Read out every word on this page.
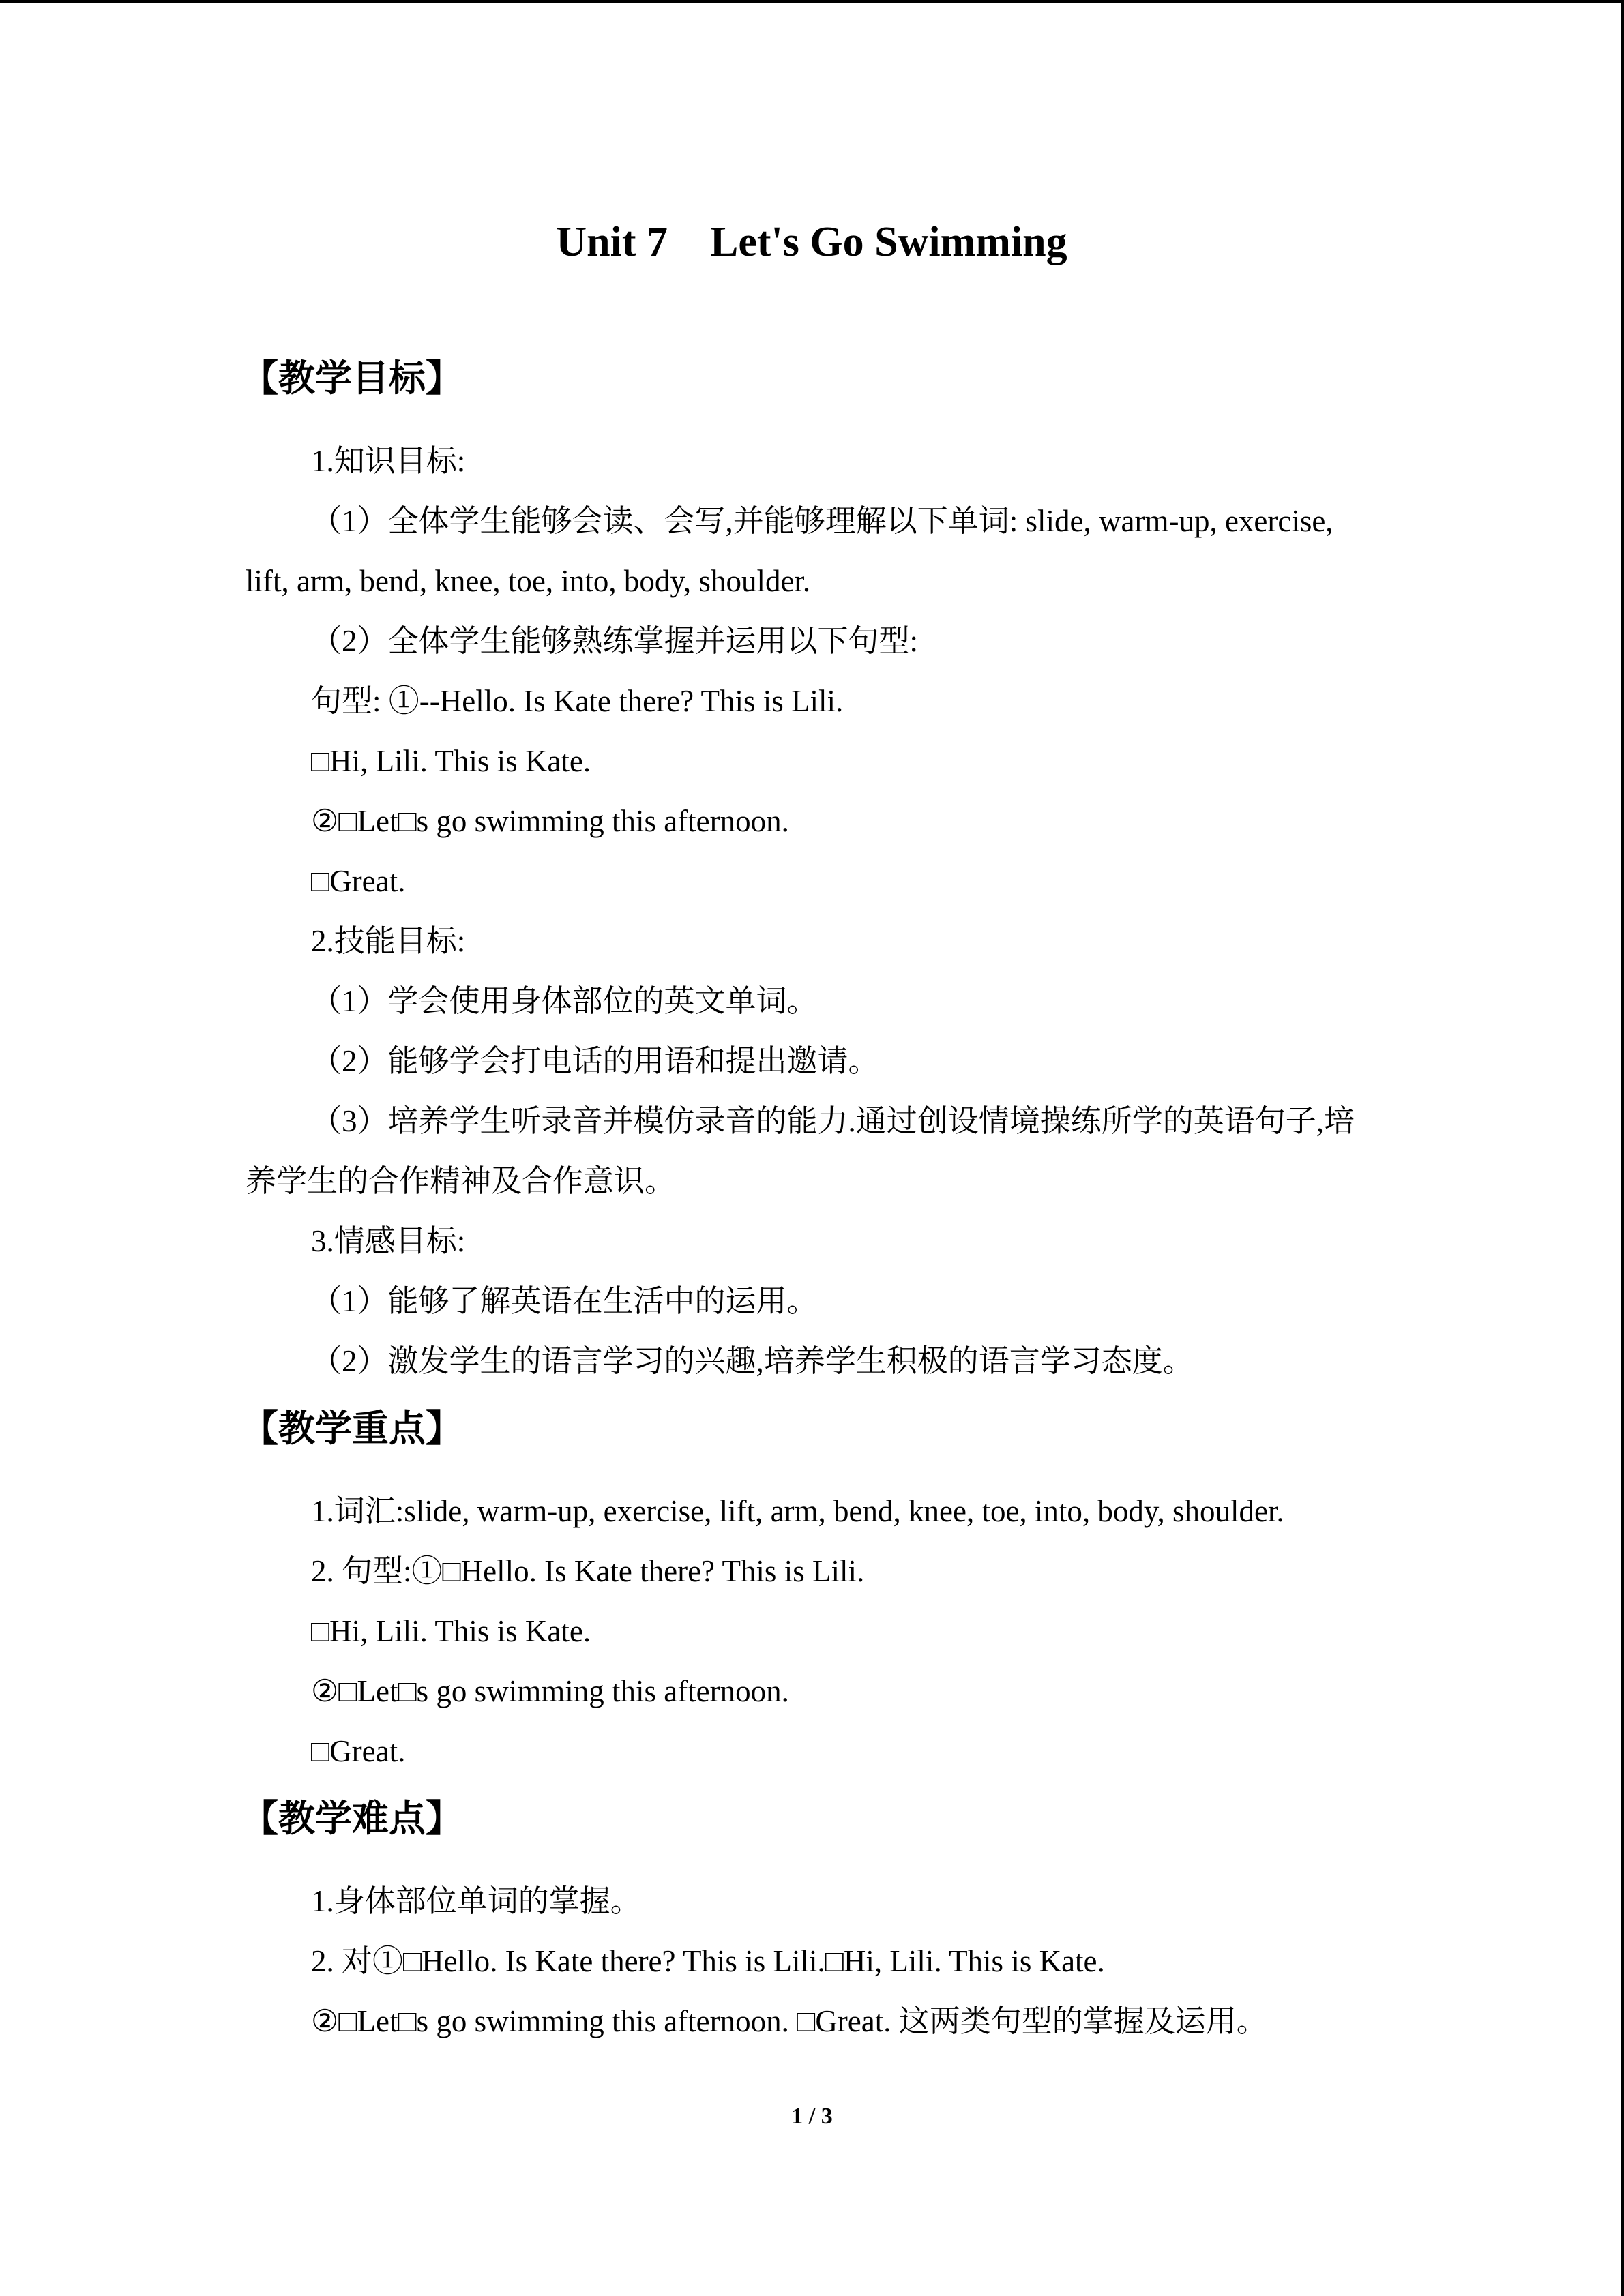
Unit 7    Let's Go Swimming
【教学目标】

1.知识目标:

（1）全体学生能够会读、会写,并能够理解以下单词: slide, warm-up, exercise, lift, arm, bend, knee, toe, into, body, shoulder.

（2）全体学生能够熟练掌握并运用以下句型:

句型: ①--Hello. Is Kate there? This is Lili.

□Hi, Lili. This is Kate.

②□Let□s go swimming this afternoon.

□Great.

2.技能目标:

（1）学会使用身体部位的英文单词。

（2）能够学会打电话的用语和提出邀请。

（3）培养学生听录音并模仿录音的能力.通过创设情境操练所学的英语句子,培养学生的合作精神及合作意识。

3.情感目标:

（1）能够了解英语在生活中的运用。

（2）激发学生的语言学习的兴趣,培养学生积极的语言学习态度。

【教学重点】

1.词汇:slide, warm-up, exercise, lift, arm, bend, knee, toe, into, body, shoulder.

2. 句型:①□Hello. Is Kate there? This is Lili.

□Hi, Lili. This is Kate.

②□Let□s go swimming this afternoon.

□Great.

【教学难点】

1.身体部位单词的掌握。

2. 对①□Hello. Is Kate there? This is Lili.□Hi, Lili. This is Kate.

②□Let□s go swimming this afternoon. □Great. 这两类句型的掌握及运用。

1 / 3
